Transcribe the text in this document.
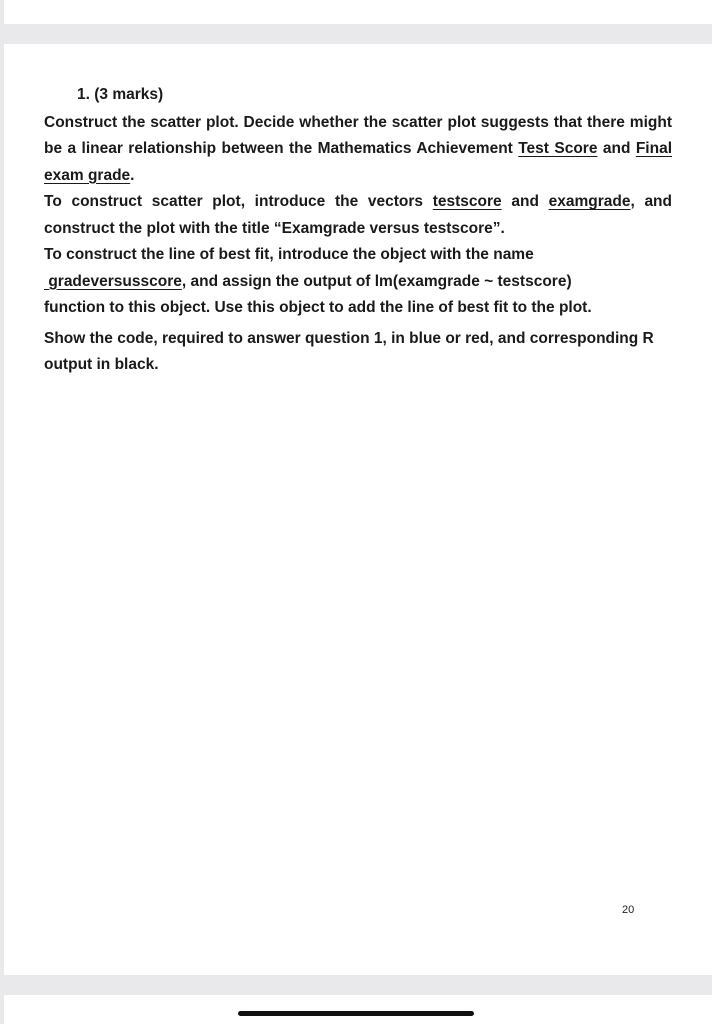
1. (3 marks)

Construct the scatter plot. Decide whether the scatter plot suggests that there might be a linear relationship between the Mathematics Achievement Test Score and Final exam grade.

To construct scatter plot, introduce the vectors testscore and examgrade, and construct the plot with the title “Examgrade versus testscore”.

To construct the line of best fit, introduce the object with the name
gradeversusscore, and assign the output of lm(examgrade ~ testscore)
function to this object. Use this object to add the line of best fit to the plot.

Show the code, required to answer question 1, in blue or red, and corresponding R output in black.

20
